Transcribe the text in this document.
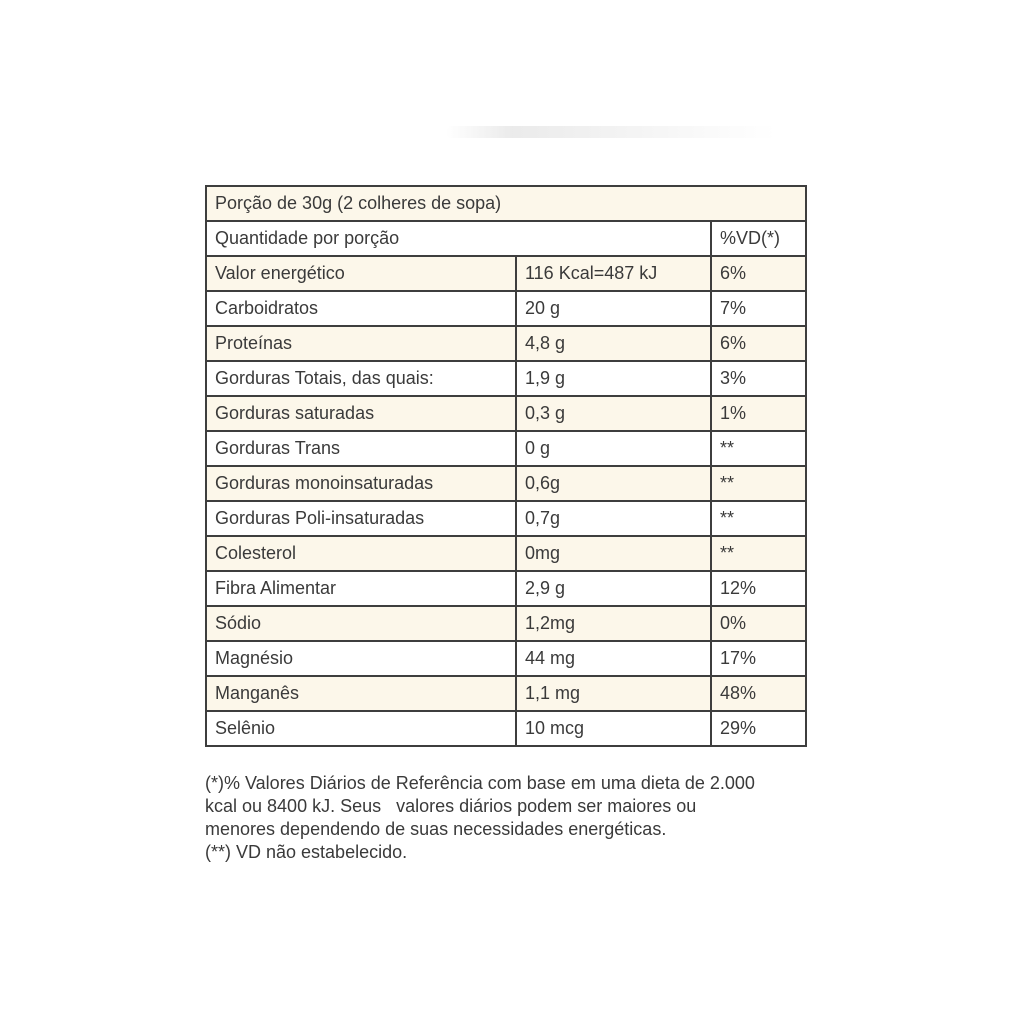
Porção de 30g (2 colheres de sopa)		
Quantidade por porção		%VD(*)
Valor energético	116 Kcal=487 kJ	6%
Carboidratos	20 g	7%
Proteínas	4,8 g	6%
Gorduras Totais, das quais:	1,9 g	3%
Gorduras saturadas	0,3 g	1%
Gorduras Trans	0 g	**
Gorduras monoinsaturadas	0,6g	**
Gorduras Poli-insaturadas	0,7g	**
Colesterol	0mg	**
Fibra Alimentar	2,9 g	12%
Sódio	1,2mg	0%
Magnésio	44 mg	17%
Manganês	1,1 mg	48%
Selênio	10 mcg	29%
(*)% Valores Diários de Referência com base em uma dieta de 2.000
kcal ou 8400 kJ. Seus   valores diários podem ser maiores ou
menores dependendo de suas necessidades energéticas.
(**) VD não estabelecido.
